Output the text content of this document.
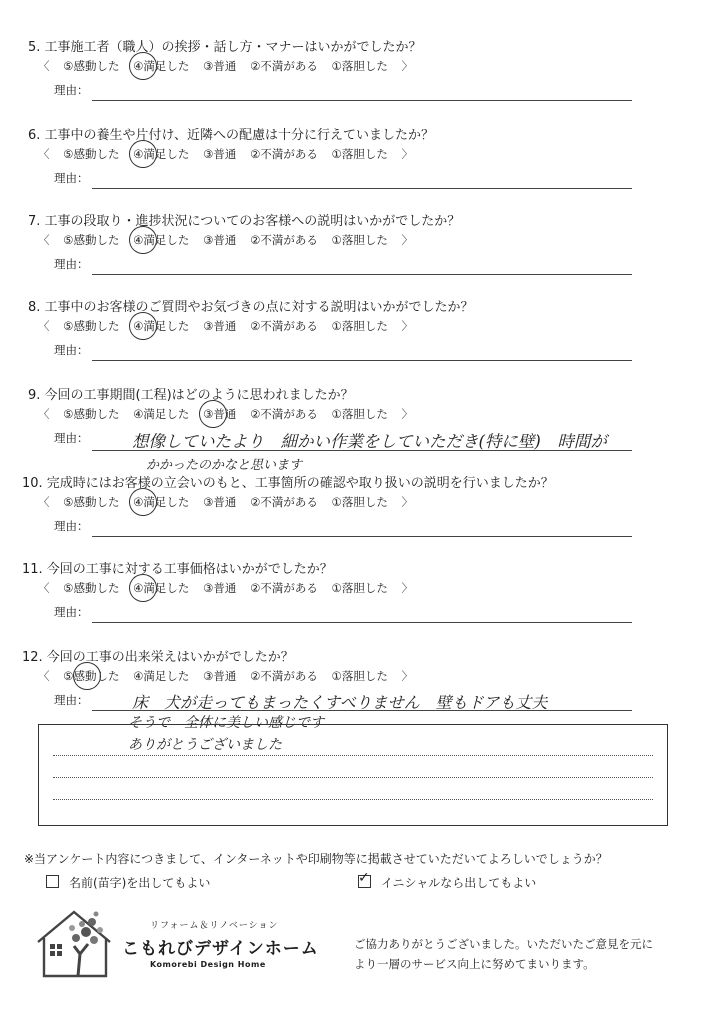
5. 工事施工者（職人）の挨拶・話し方・マナーはいかがでしたか？
〈 ⑤感動した ④満足した ③普通 ②不満がある ①落胆した 〉
理由：
6. 工事中の養生や片付け、近隣への配慮は十分に行えていましたか？
〈 ⑤感動した ④満足した ③普通 ②不満がある ①落胆した 〉
理由：
7. 工事の段取り・進捗状況についてのお客様への説明はいかがでしたか？
〈 ⑤感動した ④満足した ③普通 ②不満がある ①落胆した 〉
理由：
8. 工事中のお客様のご質問やお気づきの点に対する説明はいかがでしたか？
〈 ⑤感動した ④満足した ③普通 ②不満がある ①落胆した 〉
理由：
9. 今回の工事期間(工程)はどのように思われましたか？
〈 ⑤感動した ④満足した ③普通 ②不満がある ①落胆した 〉
理由：	想像していたより　細かい作業をしていただき(特に壁)　時間が
かかったのかなと思います
10. 完成時にはお客様の立会いのもと、工事箇所の確認や取り扱いの説明を行いましたか？
〈 ⑤感動した ④満足した ③普通 ②不満がある ①落胆した 〉
理由：
11. 今回の工事に対する工事価格はいかがでしたか？
〈 ⑤感動した ④満足した ③普通 ②不満がある ①落胆した 〉
理由：
12. 今回の工事の出来栄えはいかがでしたか？
〈 ⑤感動した ④満足した ③普通 ②不満がある ①落胆した 〉
理由：	床　犬が走ってもまったくすべりません　壁もドアも丈夫
そうで　全体に美しい感じです
ありがとうございました
※当アンケート内容につきまして、インターネットや印刷物等に掲載させていただいてよろしいでしょうか？
名前(苗字)を出してもよい	✓ イニシャルなら出してもよい
リフォーム＆リノベーション
こもれびデザインホーム
Komorebi Design Home
ご協力ありがとうございました。いただいたご意見を元に
より一層のサービス向上に努めてまいります。
